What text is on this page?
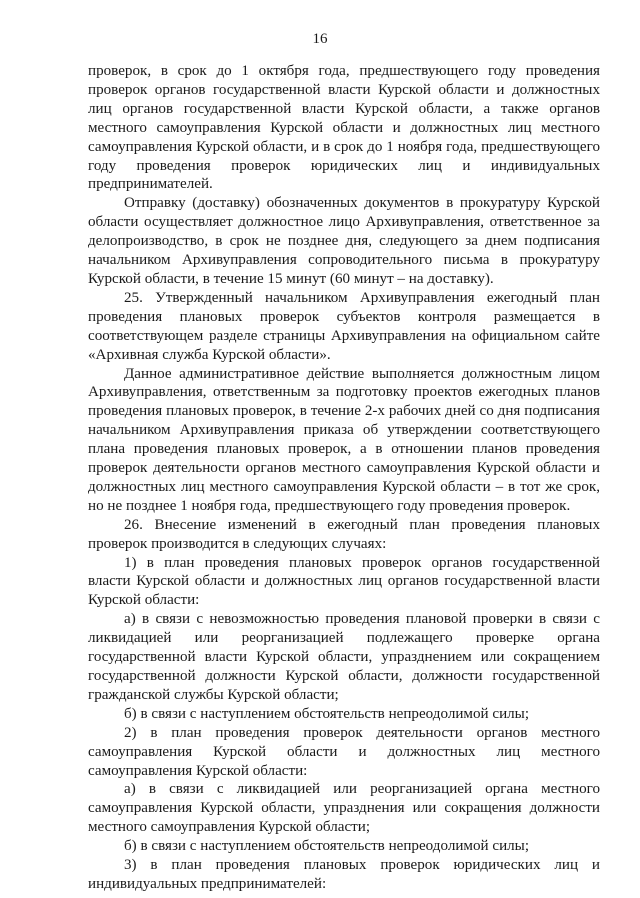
16

проверок, в срок до 1 октября года, предшествующего году проведения проверок органов государственной власти Курской области и должностных лиц органов государственной власти Курской области, а также органов местного самоуправления Курской области и должностных лиц местного самоуправления Курской области, и в срок до 1 ноября года, предшествующего году проведения проверок юридических лиц и индивидуальных предпринимателей.

Отправку (доставку) обозначенных документов в прокуратуру Курской области осуществляет должностное лицо Архивуправления, ответственное за делопроизводство, в срок не позднее дня, следующего за днем подписания начальником Архивуправления сопроводительного письма в прокуратуру Курской области, в течение 15 минут (60 минут – на доставку).

25. Утвержденный начальником Архивуправления ежегодный план проведения плановых проверок субъектов контроля размещается в соответствующем разделе страницы Архивуправления на официальном сайте «Архивная служба Курской области».

Данное административное действие выполняется должностным лицом Архивуправления, ответственным за подготовку проектов ежегодных планов проведения плановых проверок, в течение 2-х рабочих дней со дня подписания начальником Архивуправления приказа об утверждении соответствующего плана проведения плановых проверок, а в отношении планов проведения проверок деятельности органов местного самоуправления Курской области и должностных лиц местного самоуправления Курской области – в тот же срок, но не позднее 1 ноября года, предшествующего году проведения проверок.

26. Внесение изменений в ежегодный план проведения плановых проверок производится в следующих случаях:

1) в план проведения плановых проверок органов государственной власти Курской области и должностных лиц органов государственной власти Курской области:

а) в связи с невозможностью проведения плановой проверки в связи с ликвидацией или реорганизацией подлежащего проверке органа государственной власти Курской области, упразднением или сокращением государственной должности Курской области, должности государственной гражданской службы Курской области;

б) в связи с наступлением обстоятельств непреодолимой силы;

2) в план проведения проверок деятельности органов местного самоуправления Курской области и должностных лиц местного самоуправления Курской области:

а) в связи с ликвидацией или реорганизацией органа местного самоуправления Курской области, упразднения или сокращения должности местного самоуправления Курской области;

б) в связи с наступлением обстоятельств непреодолимой силы;

3) в план проведения плановых проверок юридических лиц и индивидуальных предпринимателей:
